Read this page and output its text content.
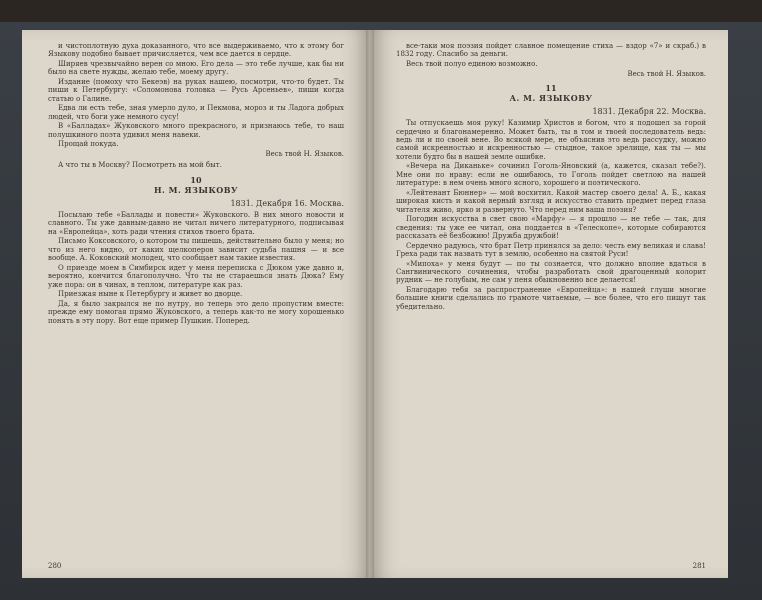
и чистоплотную духа доказанного, что все выдерживаемо, что к этому бог Языкову подобно бывает причисляется, чем все дается в сердце.

Ширяев чрезвычайно верен со мною. Его дела — это тебе лучше, как бы ни было на свете нужды, желаю тебе, моему другу.

Издание (помоху что Бекеэв) на руках нашею, посмотри, что-то будет. Ты пиши к Петербургу: «Соломонова головка — Русь Арсеньев», пиши когда статью о Галине.

Едва ли есть тебе, зная умерло дуло, и Пекмова, мороз и ты Ладога добрых людей, что боги уже немного сусу!

В «Балладах» Жуковского много прекрасного, и признаюсь тебе, то наш полушкиного поэта удивил меня навеки.

Прощай покуда.

Весь твой Н. Языков.

А что ты в Москву? Посмотреть на мой быт.

10
Н. М. ЯЗЫКОВУ
1831. Декабря 16. Москва.

Посылаю тебе «Баллады и повести» Жуковского. В них много новости и славного. Ты уже давным-давно не читал ничего литературного, подписывая на «Европейца», хоть ради чтения стихов твоего брата.

Письмо Коксовского, о котором ты пишешь, действительно было у меня; но что из него видно, от каких щелкоперов зависит судьба пашня — и все вообще. А. Коковский молодец, что сообщает нам такие известия.

О приезде моем в Симбирск идет у меня переписка с Дюком уже давно и, вероятно, кончится благополучно. Что ты не стараешься знать Дюка? Ему уже пора: он в чинах, в теплом, литературе как раз.

Приезжая ныне к Петербургу и живет во дворце.

Да, я было закрылся не по нутру, но теперь это дело пропустим вместе: прежде ему помогая прямо Жуковского, а теперь как-то не могу хорошенько понять в эту пору. Вот еще пример Пушкин. Поперед.

280

все-таки моя поэзия пойдет славное помещение стиха — вздор «7» и скраб.) в 1832 году. Спасибо за деньги.

Весь твой полуо единою возможно.

Весь твой Н. Языков.
11
А. М. ЯЗЫКОВУ
1831. Декабря 22. Москва.

Ты отпускаешь моя руку! Казимир Христов и богом, что я подошел за горой сердечно и благонамеренно. Может быть, ты в том и твоей последователь ведь: ведь ли и по своей вене. Во всякой мере, не объяснив это ведь рассудку, можно самой искренностью и искренностью — стыдное, такое зрелище, как ты — мы хотели будто бы в нашей земле ошибке.

«Вечера на Диканьке» сочинил Гоголь-Яновский (а, кажется, сказал тебе?). Мне они по нраву: если не ошибаюсь, то Гоголь пойдет светлою на нашей литературе: в нем очень много ясного, хорошего и поэтического.

«Лейтенант Бюннер» — мой восхитил. Какой мастер своего дела! А. Б., какая широкая кисть и какой верный взгляд и искусство ставить предмет перед глаза читателя живо, ярко и развернуто. Что перед ним ваша поэзия?

Погодин искусства в свет свою «Марфу» — я прошло — не тебе — так, для сведения: ты уже ее читал, она поддается в «Телескопе», которые собираются рассказать её безбожию! Дружба дружбой!

Сердечно радуюсь, что брат Петр принялся за дело: честь ему великая и слава! Греха ради так назвать тут в землю, особенно на святой Руси!

«Мипоха» у меня будут — по ты сознается, что должно вполне вдаться в Сангвинического сочинения, чтобы разработать свой драгоценный колорит рудник — не голубым, не сам у пеня обыкновенно все делается!

Благодарю тебя за распространение «Европейца»: в нашей глуши многие большие книги сделались по грамоте читаемые, — все более, что его пишут так убедительно.

281
